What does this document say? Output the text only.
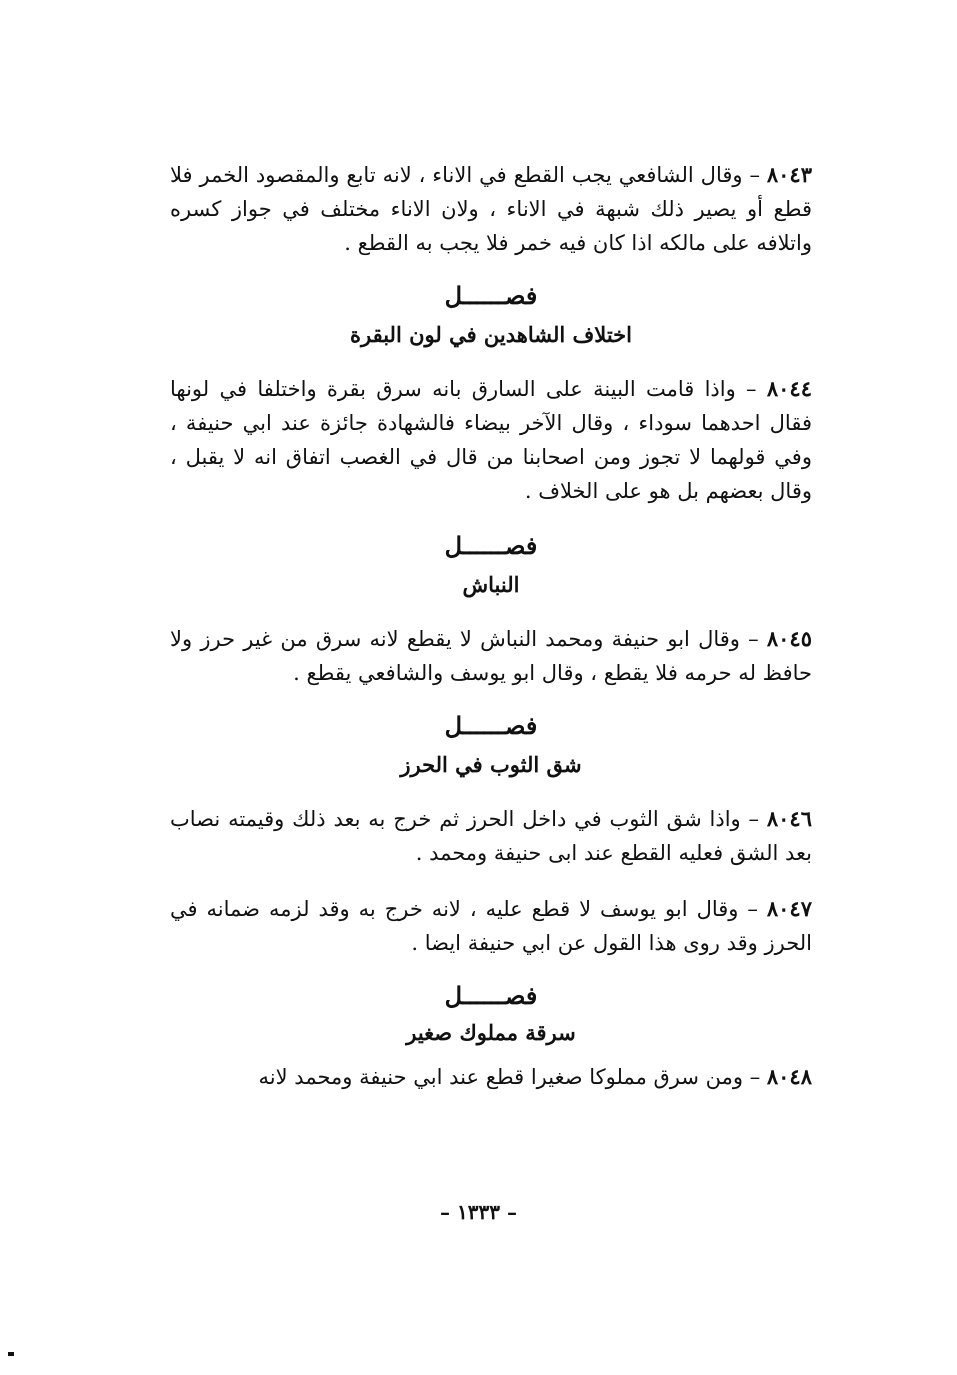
٨٠٤٣ – وقال الشافعي يجب القطع في الاناء ، لانه تابع والمقصود الخمر فلا قطع أو يصير ذلك شبهة في الاناء ، ولان الاناء مختلف في جواز كسره واتلافه على مالكه اذا كان فيه خمر فلا يجب به القطع .

فصــــــل

اختلاف الشاهدين في لون البقرة

٨٠٤٤ – واذا قامت البينة على السارق بانه سرق بقرة واختلفا في لونها فقال احدهما سوداء ، وقال الآخر بيضاء فالشهادة جائزة عند ابي حنيفة ، وفي قولهما لا تجوز ومن اصحابنا من قال في الغصب اتفاق انه لا يقبل ، وقال بعضهم بل هو على الخلاف .

فصــــــل

النباش

٨٠٤٥ – وقال ابو حنيفة ومحمد النباش لا يقطع لانه سرق من غير حرز ولا حافظ له حرمه فلا يقطع ، وقال ابو يوسف والشافعي يقطع .

فصــــــل

شق الثوب في الحرز

٨٠٤٦ – واذا شق الثوب في داخل الحرز ثم خرج به بعد ذلك وقيمته نصاب بعد الشق فعليه القطع عند ابى حنيفة ومحمد .

٨٠٤٧ – وقال ابو يوسف لا قطع عليه ، لانه خرج به وقد لزمه ضمانه في الحرز وقد روى هذا القول عن ابي حنيفة ايضا .

فصــــــل

سرقة مملوك صغير

٨٠٤٨ – ومن سرق مملوكا صغيرا قطع عند ابي حنيفة ومحمد لانه

– ١٣٣٣ –
